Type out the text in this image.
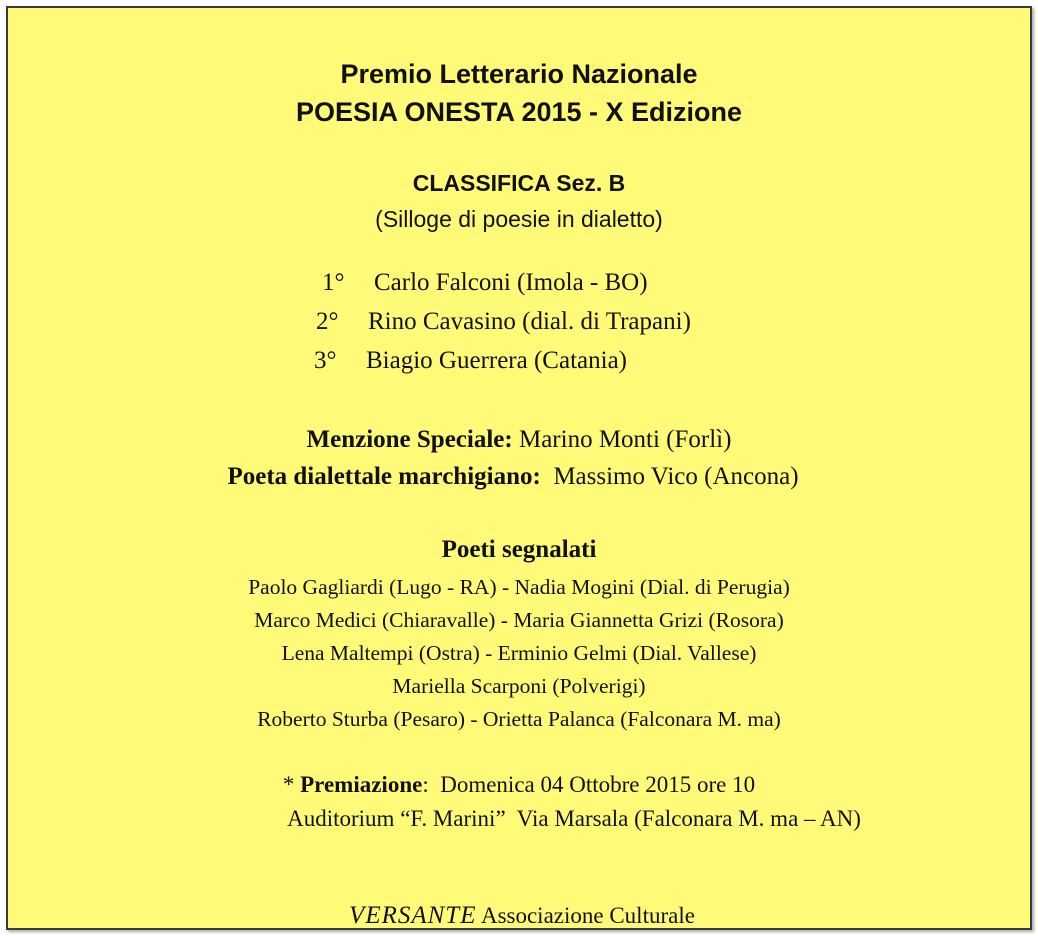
Premio Letterario Nazionale
POESIA ONESTA 2015 - X Edizione
CLASSIFICA Sez. B
(Silloge di poesie in dialetto)
1° Carlo Falconi (Imola - BO)
2° Rino Cavasino (dial. di Trapani)
3° Biagio Guerrera (Catania)
Menzione Speciale: Marino Monti (Forlì)
Poeta dialettale marchigiano:  Massimo Vico (Ancona)
Poeti segnalati
Paolo Gagliardi (Lugo - RA) - Nadia Mogini (Dial. di Perugia)
Marco Medici (Chiaravalle) - Maria Giannetta Grizi (Rosora)
Lena Maltempi (Ostra) - Erminio Gelmi (Dial. Vallese)
Mariella Scarponi (Polverigi)
Roberto Sturba (Pesaro) - Orietta Palanca (Falconara M. ma)
* Premiazione:  Domenica 04 Ottobre 2015 ore 10
Auditorium “F. Marini”  Via Marsala (Falconara M. ma – AN)
VERSANTE Associazione Culturale
